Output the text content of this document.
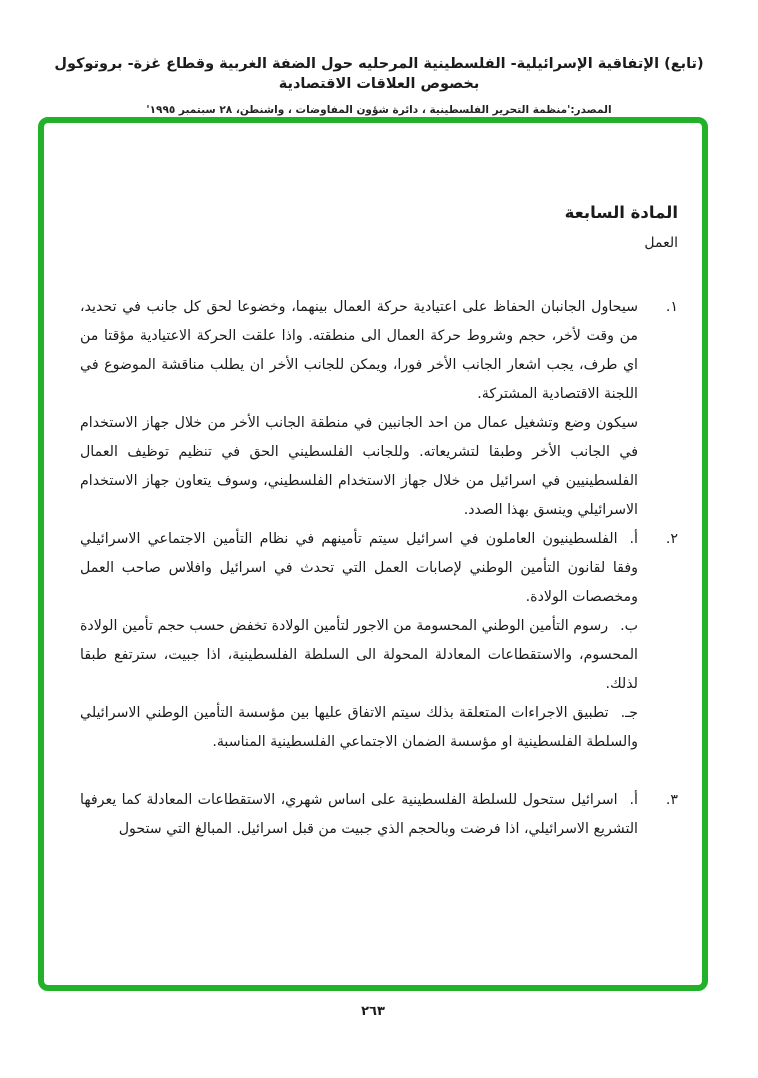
(تابع) الإتفاقية الإسرائيلية- الفلسطينية المرحليه حول الضفة الغربية وقطاع غزة- بروتوكول بخصوص العلاقات الاقتصادية
المصدر:'منظمة التحرير الفلسطينية ، دائرة شؤون المفاوضات ، واشنطن، ٢٨ سبتمبر ١٩٩٥'
المادة السابعة
العمل
١.
سيحاول الجانبان الحفاظ على اعتيادية حركة العمال بينهما، وخضوعا لحق كل جانب في تحديد، من وقت لأخر، حجم وشروط حركة العمال الى منطقته. واذا علقت الحركة الاعتيادية مؤقتا من اي طرف، يجب اشعار الجانب الأخر فورا، ويمكن للجانب الأخر ان يطلب مناقشة الموضوع في اللجنة الاقتصادية المشتركة.
سيكون وضع وتشغيل عمال من احد الجانبين في منطقة الجانب الأخر من خلال جهاز الاستخدام في الجانب الأخر وطبقا لتشريعاته. وللجانب الفلسطيني الحق في تنظيم توظيف العمال الفلسطينيين في اسرائيل من خلال جهاز الاستخدام الفلسطيني، وسوف يتعاون جهاز الاستخدام الاسرائيلي وينسق بهذا الصدد.
٢.
أ.الفلسطينيون العاملون في اسرائيل سيتم تأمينهم في نظام التأمين الاجتماعي الاسرائيلي وفقا لقانون التأمين الوطني لإصابات العمل التي تحدث في اسرائيل وافلاس صاحب العمل ومخصصات الولادة.
ب.رسوم التأمين الوطني المحسومة من الاجور لتأمين الولادة تخفض حسب حجم تأمين الولادة المحسوم، والاستقطاعات المعادلة المحولة الى السلطة الفلسطينية، اذا جبيت، سترتفع طبقا لذلك.
جـ.تطبيق الاجراءات المتعلقة بذلك سيتم الاتفاق عليها بين مؤسسة التأمين الوطني الاسرائيلي والسلطة الفلسطينية او مؤسسة الضمان الاجتماعي الفلسطينية المناسبة.
٣.
أ.اسرائيل ستحول للسلطة الفلسطينية على اساس شهري، الاستقطاعات المعادلة كما يعرفها التشريع الاسرائيلي، اذا فرضت وبالحجم الذي جبيت من قبل اسرائيل. المبالغ التي ستحول
٢٦٣
